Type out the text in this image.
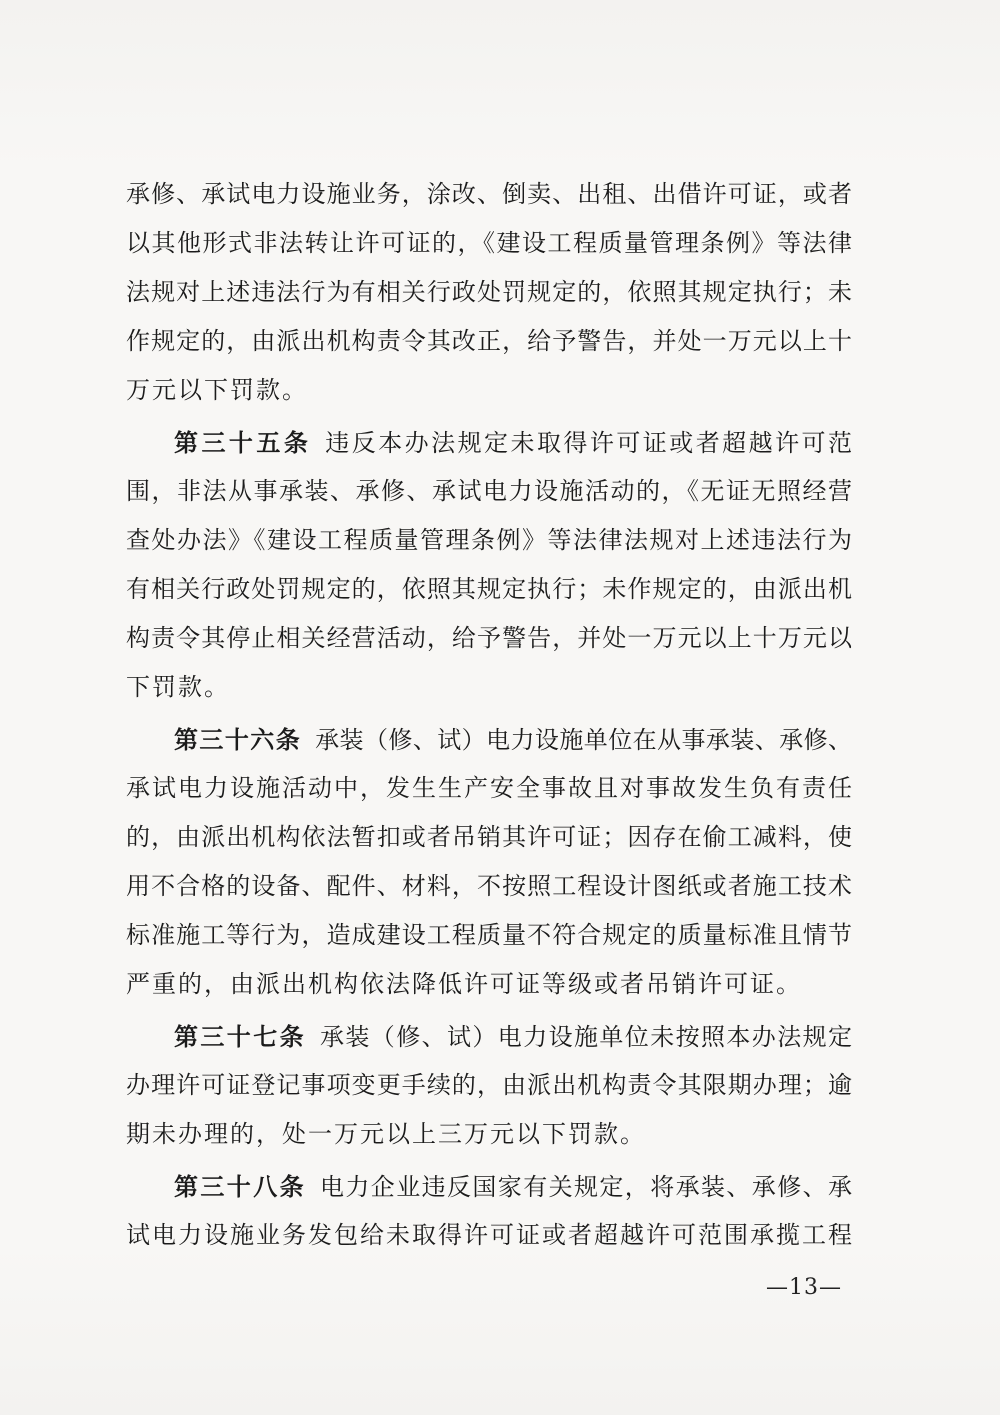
承修、承试电力设施业务，涂改、倒卖、出租、出借许可证，或者
以其他形式非法转让许可证的，《建设工程质量管理条例》等法律
法规对上述违法行为有相关行政处罚规定的，依照其规定执行；未
作规定的，由派出机构责令其改正，给予警告，并处一万元以上十
万元以下罚款。
第三十五条 违反本办法规定未取得许可证或者超越许可范
围，非法从事承装、承修、承试电力设施活动的，《无证无照经营
查处办法》《建设工程质量管理条例》等法律法规对上述违法行为
有相关行政处罚规定的，依照其规定执行；未作规定的，由派出机
构责令其停止相关经营活动，给予警告，并处一万元以上十万元以
下罚款。
第三十六条 承装（修、试）电力设施单位在从事承装、承修、
承试电力设施活动中，发生生产安全事故且对事故发生负有责任
的，由派出机构依法暂扣或者吊销其许可证；因存在偷工减料，使
用不合格的设备、配件、材料，不按照工程设计图纸或者施工技术
标准施工等行为，造成建设工程质量不符合规定的质量标准且情节
严重的，由派出机构依法降低许可证等级或者吊销许可证。
第三十七条 承装（修、试）电力设施单位未按照本办法规定
办理许可证登记事项变更手续的，由派出机构责令其限期办理；逾
期未办理的，处一万元以上三万元以下罚款。
第三十八条 电力企业违反国家有关规定，将承装、承修、承
试电力设施业务发包给未取得许可证或者超越许可范围承揽工程
—13—
